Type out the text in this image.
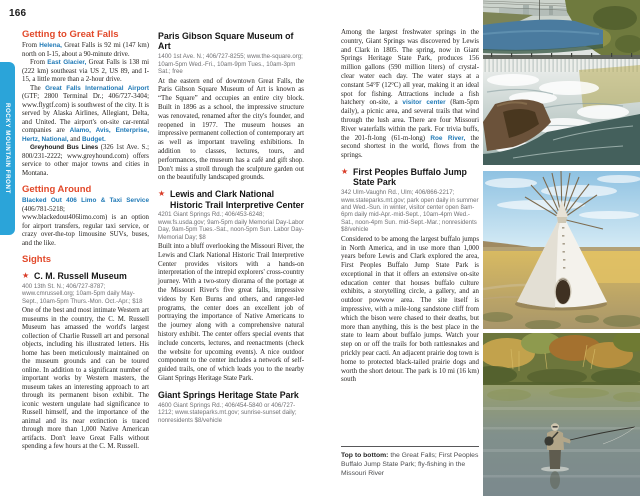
166
ROCKY MOUNTAIN FRONT
Getting to Great Falls

From Helena, Great Falls is 92 mi (147 km) north on I-15, about a 90-minute drive.

From East Glacier, Great Falls is 138 mi (222 km) southeast via US 2, US 89, and I-15, a little more than a 2-hour drive.

The Great Falls International Airport (GTF; 2800 Terminal Dr.; 406/727-3404; www.flygtf.com) is southwest of the city. It is served by Alaska Airlines, Allegiant, Delta, and United. The airport's on-site car-rental companies are Alamo, Avis, Enterprise, Hertz, National, and Budget.

Greyhound Bus Lines (326 1st Ave. S.; 800/231-2222; www.greyhound.com) offers service to other major towns and cities in Montana.

Getting Around

Blacked Out 406 Limo & Taxi Service (406/781-5218; www.blackedout406limo.com) is an option for airport transfers, regular taxi service, or crazy over-the-top limousine SUVs, buses, and the like.

Sights
★ C. M. Russell Museum

400 13th St. N.; 406/727-8787; www.cmrussell.org; 10am-5pm daily May-Sept., 10am-5pm Thurs.-Mon. Oct.-Apr.; $18

One of the best and most intimate Western art museums in the country, the C. M. Russell Museum has amassed the world's largest collection of Charlie Russell art and personal objects, including his illustrated letters. His home has been meticulously maintained on the museum grounds and can be toured online. In addition to a significant number of important works by Western masters, the museum takes an interesting approach to art through its permanent bison exhibit. The iconic western ungulate had significance to Russell himself, and the importance of the animal and its near extinction is traced through more than 1,000 Native American artifacts. Don't leave Great Falls without spending a few hours at the C. M. Russell.

Paris Gibson Square Museum of Art

1400 1st Ave. N.; 406/727-8255; www.the-square.org; 10am-5pm Wed.-Fri., 10am-9pm Tues., 10am-3pm Sat.; free

At the eastern end of downtown Great Falls, the Paris Gibson Square Museum of Art is known as “The Square” and occupies an entire city block. Built in 1896 as a school, the impressive structure was renovated, renamed after the city's founder, and reopened in 1977. The museum houses an impressive permanent collection of contemporary art as well as important traveling exhibitions. In addition to classes, lectures, tours, and performances, the museum has a café and gift shop. Don't miss a stroll through the sculpture garden out on the beautifully landscaped grounds.

★ Lewis and Clark National Historic Trail Interpretive Center

4201 Giant Springs Rd.; 406/453-6248; www.fs.usda.gov; 9am-5pm daily Memorial Day-Labor Day, 9am-5pm Tues.-Sat., noon-5pm Sun. Labor Day-Memorial Day; $8

Built into a bluff overlooking the Missouri River, the Lewis and Clark National Historic Trail Interpretive Center provides visitors with a hands-on interpretation of the intrepid explorers' cross-country journey. With a two-story diorama of the portage at the Missouri River's five great falls, impressive videos by Ken Burns and others, and ranger-led programs, the center does an excellent job of portraying the importance of Native Americans to the journey along with a comprehensive natural history exhibit. The center offers special events that include concerts, lectures, and reenactments (check the website for upcoming events). A nice outdoor component to the center includes a network of self-guided trails, one of which leads you to the nearby Giant Springs Heritage State Park.

Giant Springs Heritage State Park

4600 Giant Springs Rd.; 406/454-5840 or 406/727-1212; www.stateparks.mt.gov; sunrise-sunset daily; nonresidents $8/vehicle

Among the largest freshwater springs in the country, Giant Springs was discovered by Lewis and Clark in 1805. The spring, now in Giant Springs Heritage State Park, produces 156 million gallons (590 million liters) of crystal-clear water each day. The water stays at a constant 54°F (12°C) all year, making it an ideal spot for fishing. Attractions include a fish hatchery on-site, a visitor center (8am-5pm daily), a picnic area, and several trails that wind through the lush area. There are four Missouri River waterfalls within the park. For trivia buffs, the 201-ft-long (61-m-long) Roe River, the second shortest in the world, flows from the springs.

★ First Peoples Buffalo Jump State Park

342 Ulm-Vaughn Rd., Ulm; 406/866-2217; www.stateparks.mt.gov; park open daily in summer and Wed.-Sun. in winter, visitor center open 8am-6pm daily mid-Apr.-mid-Sept., 10am-4pm Wed.-Sat., noon-4pm Sun. mid-Sept.-Mar.; nonresidents $8/vehicle

Considered to be among the largest buffalo jumps in North America, and in use more than 1,000 years before Lewis and Clark explored the area, First Peoples Buffalo Jump State Park is exceptional in that it offers an extensive on-site education center that houses buffalo culture exhibits, a storytelling circle, a gallery, and an outdoor powwow area. The site itself is impressive, with a mile-long sandstone cliff from which the bison were chased to their deaths, but more than anything, this is the best place in the state to learn about buffalo jumps. Watch your step on or off the trails for both rattlesnakes and prickly pear cacti. An adjacent prairie dog town is home to protected black-tailed prairie dogs and worth the short detour. The park is 10 mi (16 km) south

Top to bottom: the Great Falls; First Peoples Buffalo Jump State Park; fly-fishing in the Missouri River
